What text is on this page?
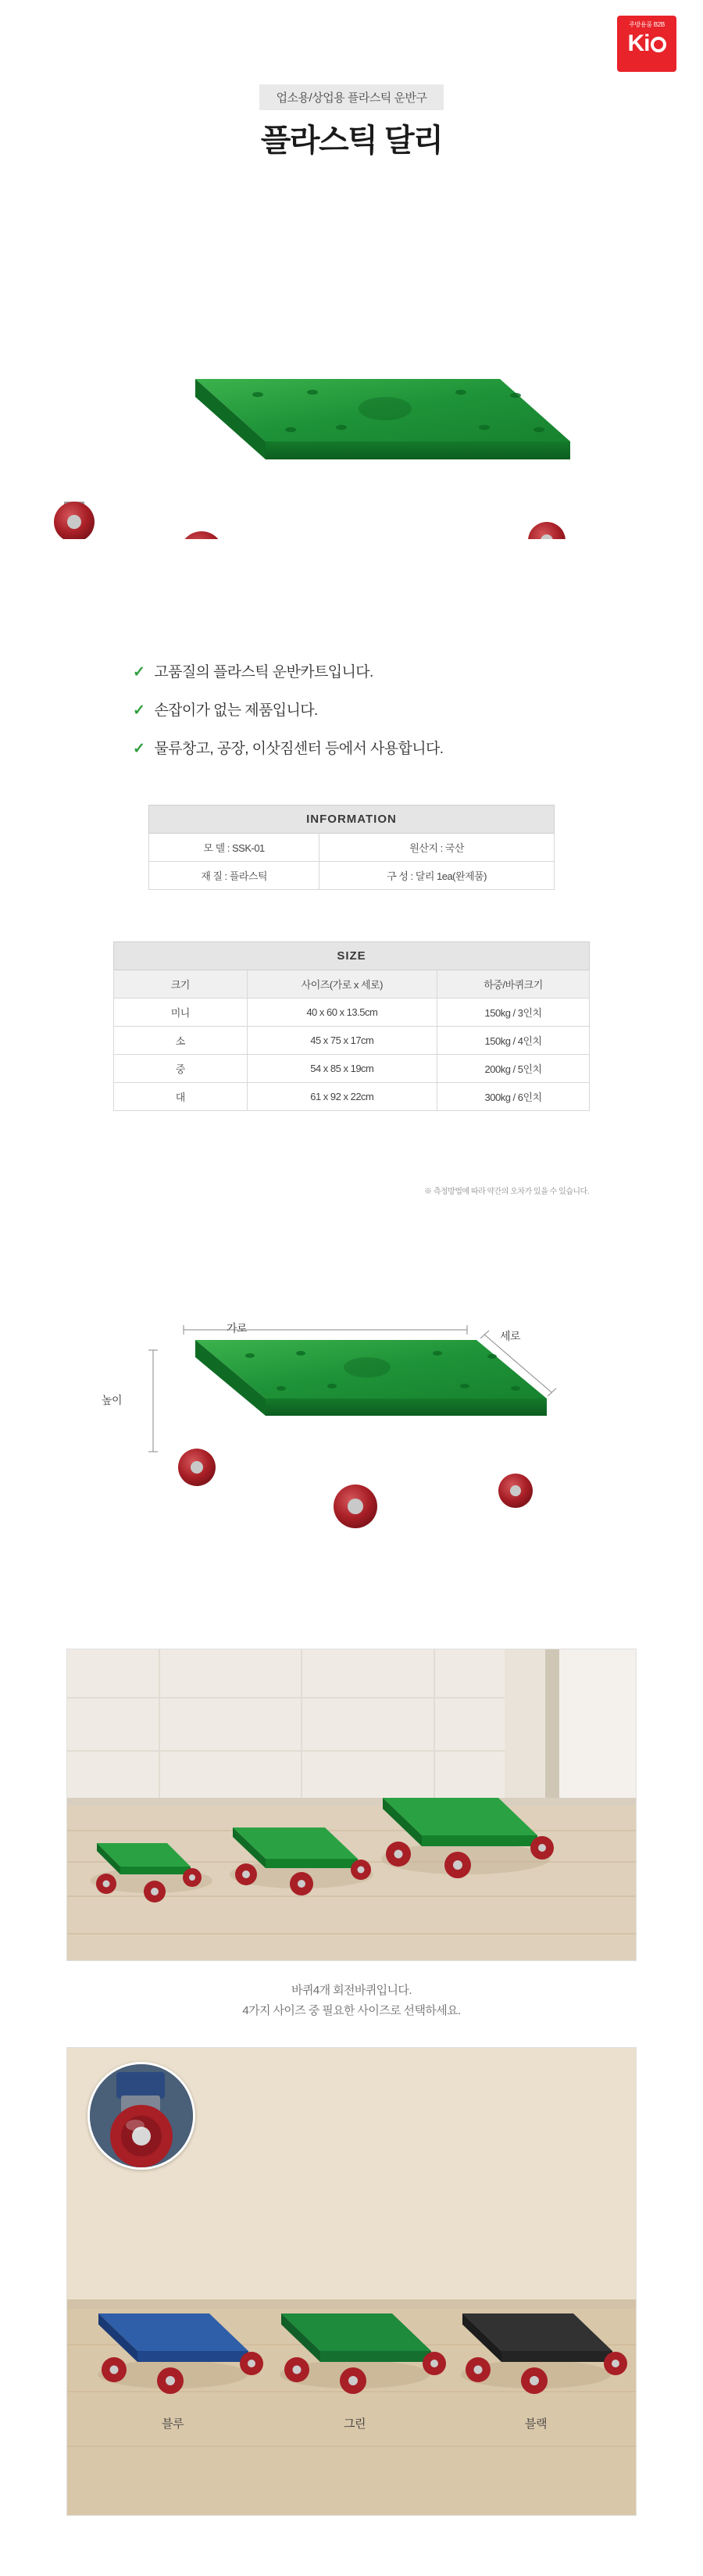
주방용품 B2B
Ki
업소용/상업용 플라스틱 운반구
플라스틱 달리
✓ 고품질의 플라스틱 운반카트입니다.
✓ 손잡이가 없는 제품입니다.
✓ 물류창고, 공장, 이삿짐센터 등에서 사용합니다.
INFORMATION	
모 델 : SSK-01	원산지 : 국산
재 질 : 플라스틱	구 성 : 달리 1ea(완제품)
SIZE		
크기	사이즈(가로 x 세로)	하중/바퀴크기
미니	40 x 60 x 13.5cm	150kg / 3인치
소	45 x 75 x 17cm	150kg / 4인치
중	54 x 85 x 19cm	200kg / 5인치
대	61 x 92 x 22cm	300kg / 6인치
※ 측정방법에 따라 약간의 오차가 있을 수 있습니다.
가로
세로
높이
바퀴4개 회전바퀴입니다.
4가지 사이즈 중 필요한 사이즈로 선택하세요.
블루	그린	블랙
